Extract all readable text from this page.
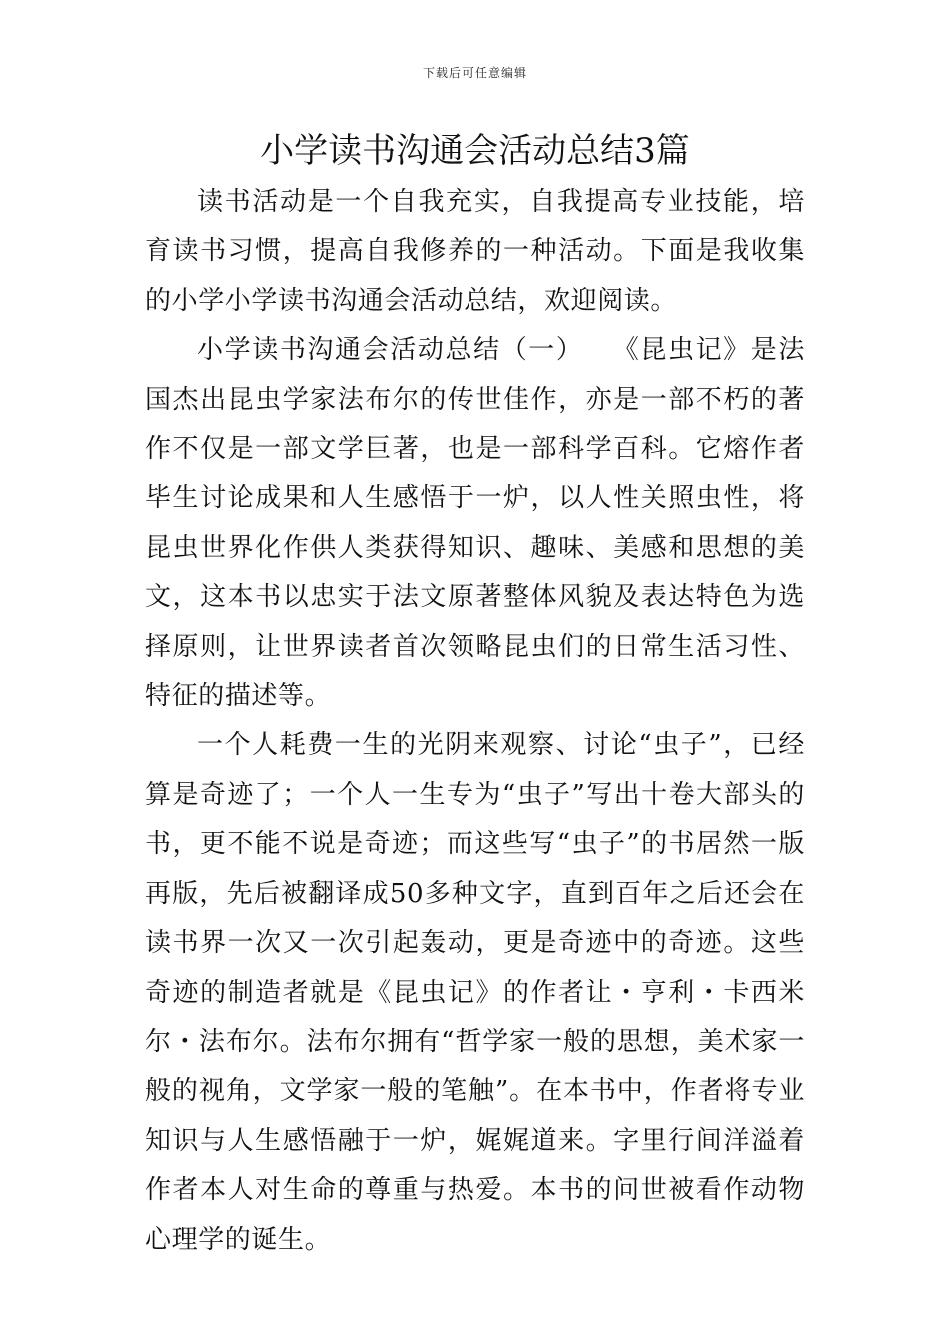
下载后可任意编辑
小学读书沟通会活动总结3篇

读书活动是一个自我充实，自我提高专业技能，培育读书习惯，提高自我修养的一种活动。下面是我收集的小学小学读书沟通会活动总结，欢迎阅读。

小学读书沟通会活动总结（一）　　《昆虫记》是法国杰出昆虫学家法布尔的传世佳作，亦是一部不朽的著作不仅是一部文学巨著，也是一部科学百科。它熔作者毕生讨论成果和人生感悟于一炉，以人性关照虫性，将昆虫世界化作供人类获得知识、趣味、美感和思想的美文，这本书以忠实于法文原著整体风貌及表达特色为选择原则，让世界读者首次领略昆虫们的日常生活习性、特征的描述等。

一个人耗费一生的光阴来观察、讨论“虫子”，已经算是奇迹了；一个人一生专为“虫子”写出十卷大部头的书，更不能不说是奇迹；而这些写“虫子”的书居然一版再版，先后被翻译成50多种文字，直到百年之后还会在读书界一次又一次引起轰动，更是奇迹中的奇迹。这些奇迹的制造者就是《昆虫记》的作者让・亨利・卡西米尔・法布尔。法布尔拥有“哲学家一般的思想，美术家一般的视角，文学家一般的笔触”。在本书中，作者将专业知识与人生感悟融于一炉，娓娓道来。字里行间洋溢着作者本人对生命的尊重与热爱。本书的问世被看作动物心理学的诞生。
